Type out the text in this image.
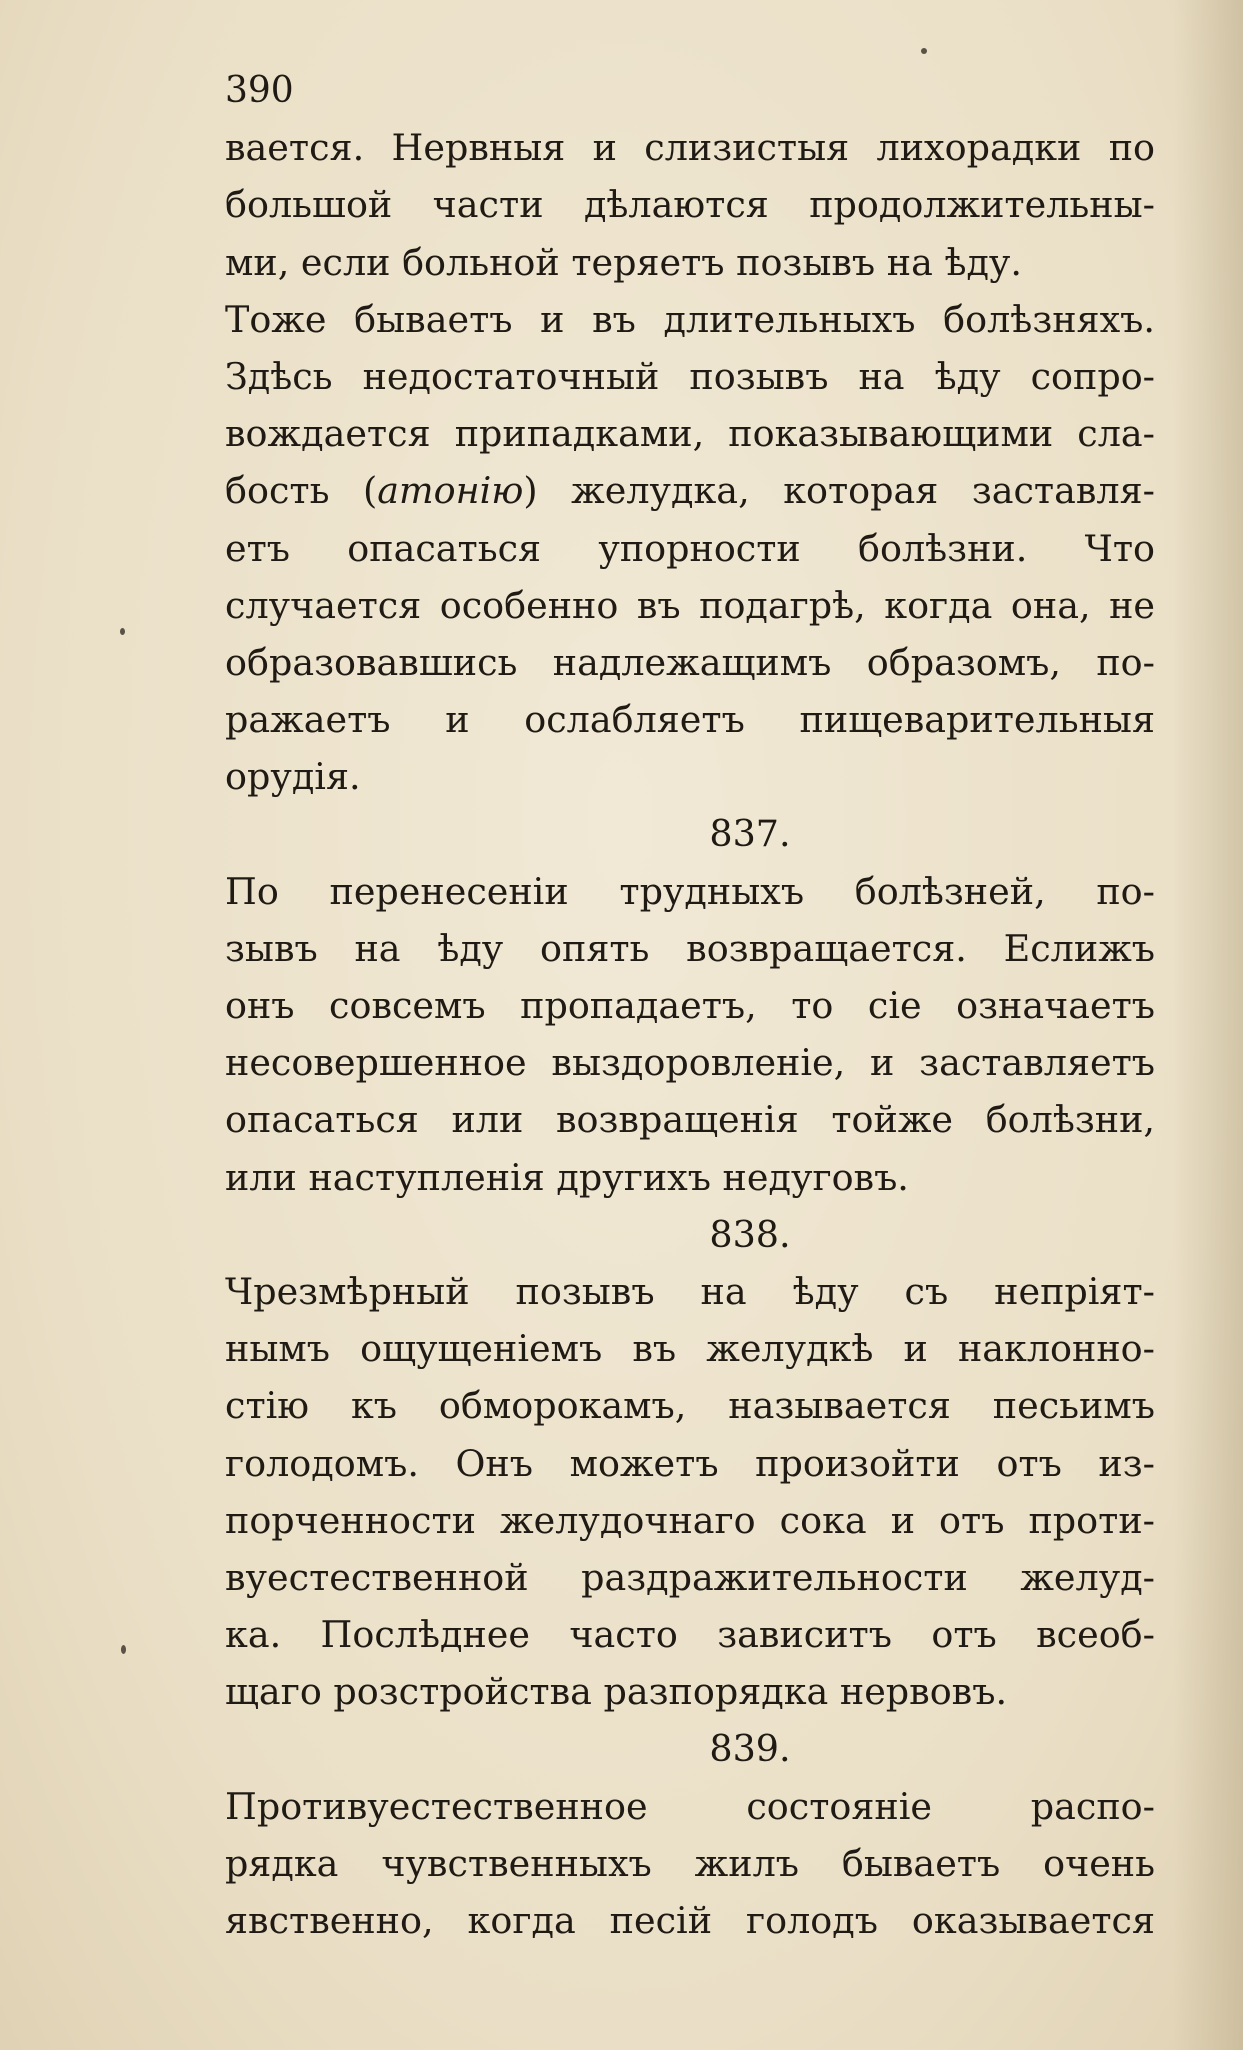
390
вается. Нервныя и слизистыя лихорадки по
большой части дѣлаются продолжительны-
ми, если больной теряетъ позывъ на ѣду.
Тоже бываетъ и въ длительныхъ болѣзняхъ.
Здѣсь недостаточный позывъ на ѣду сопро-
вождается припадками, показывающими сла-
бость (атонію) желудка, которая заставля-
етъ опасаться упорности болѣзни. Что
случается особенно въ подагрѣ, когда она, не
образовавшись надлежащимъ образомъ, по-
ражаетъ и ослабляетъ пищеварительныя
орудія.
837.
По перенесеніи трудныхъ болѣзней, по-
зывъ на ѣду опять возвращается. Еслижъ
онъ совсемъ пропадаетъ, то сіе означаетъ
несовершенное выздоровленіе, и заставляетъ
опасаться или возвращенія тойже болѣзни,
или наступленія другихъ недуговъ.
838.
Чрезмѣрный позывъ на ѣду съ непріят-
нымъ ощущеніемъ въ желудкѣ и наклонно-
стію къ обморокамъ, называется песьимъ
голодомъ. Онъ можетъ произойти отъ из-
порченности желудочнаго сока и отъ проти-
вуестественной раздражительности желуд-
ка. Послѣднее часто зависитъ отъ всеоб-
щаго розстройства разпорядка нервовъ.
839.
Противуестественное состояніе распо-
рядка чувственныхъ жилъ бываетъ очень
явственно, когда песій голодъ оказывается
